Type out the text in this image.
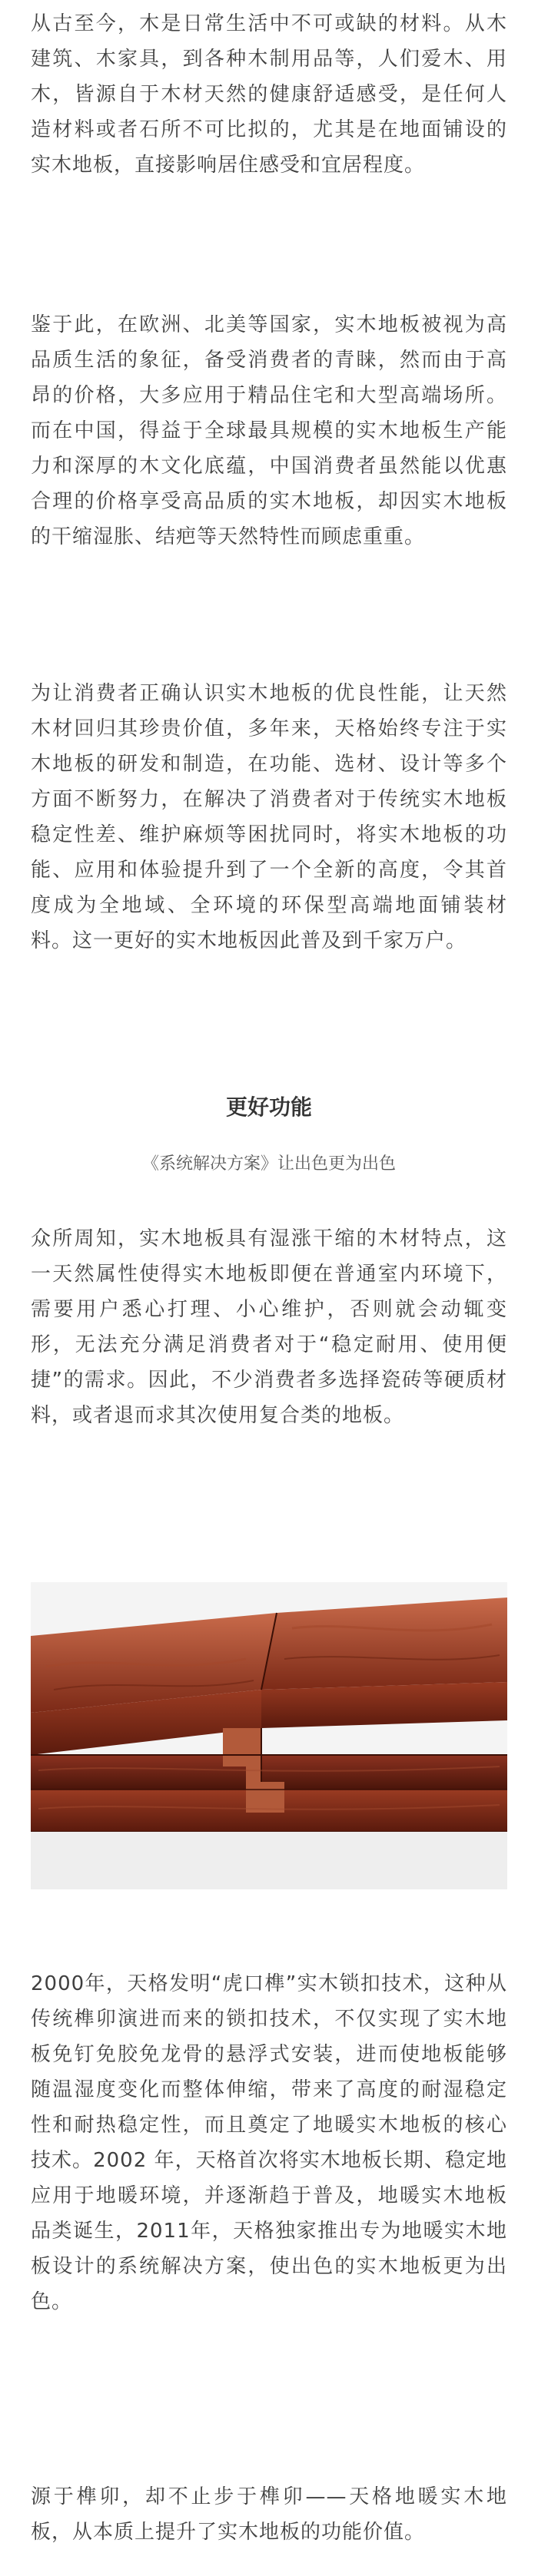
从古至今，木是日常生活中不可或缺的材料。从木建筑、木家具，到各种木制用品等，人们爱木、用木，皆源自于木材天然的健康舒适感受，是任何人造材料或者石所不可比拟的，尤其是在地面铺设的实木地板，直接影响居住感受和宜居程度。

鉴于此，在欧洲、北美等国家，实木地板被视为高品质生活的象征，备受消费者的青睐，然而由于高昂的价格，大多应用于精品住宅和大型高端场所。而在中国，得益于全球最具规模的实木地板生产能力和深厚的木文化底蕴，中国消费者虽然能以优惠合理的价格享受高品质的实木地板，却因实木地板的干缩湿胀、结疤等天然特性而顾虑重重。

为让消费者正确认识实木地板的优良性能，让天然木材回归其珍贵价值，多年来，天格始终专注于实木地板的研发和制造，在功能、选材、设计等多个方面不断努力，在解决了消费者对于传统实木地板稳定性差、维护麻烦等困扰同时，将实木地板的功能、应用和体验提升到了一个全新的高度，令其首度成为全地域、全环境的环保型高端地面铺装材料。这一更好的实木地板因此普及到千家万户。

更好功能

《系统解决方案》让出色更为出色

众所周知，实木地板具有湿涨干缩的木材特点，这一天然属性使得实木地板即便在普通室内环境下，需要用户悉心打理、小心维护，否则就会动辄变形，无法充分满足消费者对于“稳定耐用、使用便捷”的需求。因此，不少消费者多选择瓷砖等硬质材料，或者退而求其次使用复合类的地板。

2000年，天格发明“虎口榫”实木锁扣技术，这种从传统榫卯演进而来的锁扣技术，不仅实现了实木地板免钉免胶免龙骨的悬浮式安装，进而使地板能够随温湿度变化而整体伸缩，带来了高度的耐湿稳定性和耐热稳定性，而且奠定了地暖实木地板的核心技术。2002 年，天格首次将实木地板长期、稳定地应用于地暖环境，并逐渐趋于普及，地暖实木地板品类诞生，2011年，天格独家推出专为地暖实木地板设计的系统解决方案，使出色的实木地板更为出色。

源于榫卯，却不止步于榫卯——天格地暖实木地板，从本质上提升了实木地板的功能价值。
